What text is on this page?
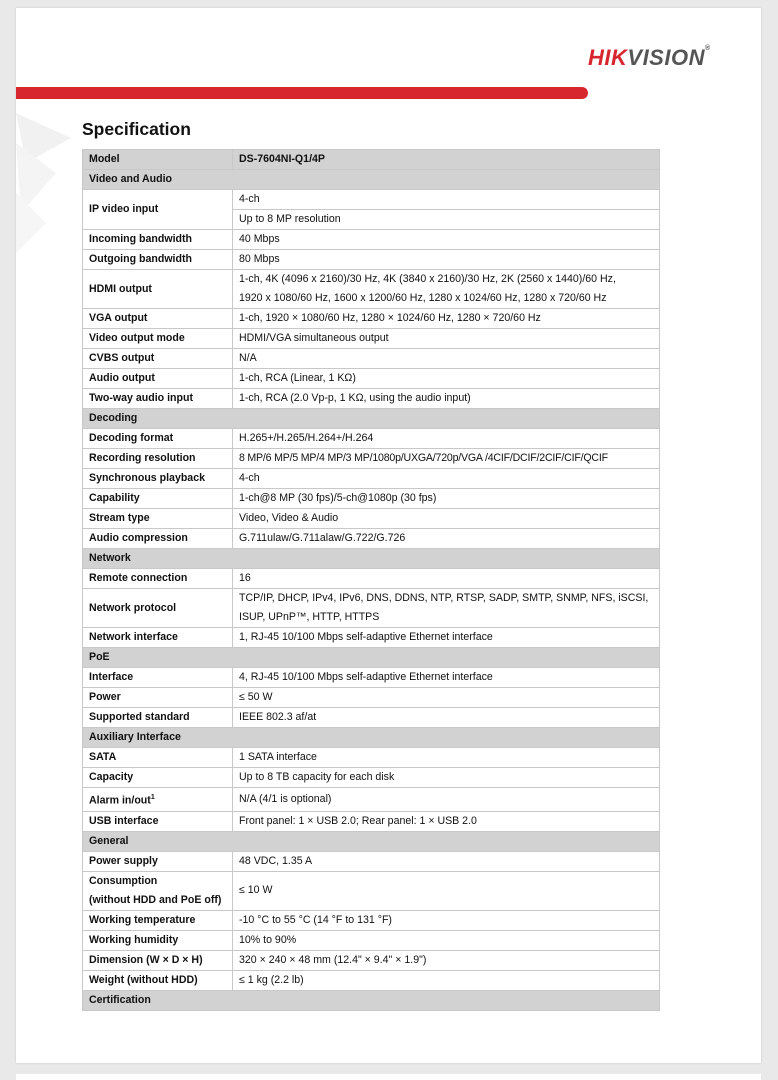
HIKVISION®
Specification
Model	DS-7604NI-Q1/4P
Video and Audio	
IP video input	4-ch
Up to 8 MP resolution

Incoming bandwidth	40 Mbps
Outgoing bandwidth	80 Mbps
HDMI output	1-ch, 4K (4096 x 2160)/30 Hz, 4K (3840 x 2160)/30 Hz, 2K (2560 x 1440)/60 Hz,
1920 x 1080/60 Hz, 1600 x 1200/60 Hz, 1280 x 1024/60 Hz, 1280 x 720/60 Hz

VGA output	1-ch, 1920 × 1080/60 Hz, 1280 × 1024/60 Hz, 1280 × 720/60 Hz
Video output mode	HDMI/VGA simultaneous output
CVBS output	N/A
Audio output	1-ch, RCA (Linear, 1 KΩ)
Two-way audio input	1-ch, RCA (2.0 Vp-p, 1 KΩ, using the audio input)
Decoding	
Decoding format	H.265+/H.265/H.264+/H.264
Recording resolution	8 MP/6 MP/5 MP/4 MP/3 MP/1080p/UXGA/720p/VGA /4CIF/DCIF/2CIF/CIF/QCIF
Synchronous playback	4-ch
Capability	1-ch@8 MP (30 fps)/5-ch@1080p (30 fps)
Stream type	Video, Video & Audio
Audio compression	G.711ulaw/G.711alaw/G.722/G.726
Network	
Remote connection	16
Network protocol	TCP/IP, DHCP, IPv4, IPv6, DNS, DDNS, NTP, RTSP, SADP, SMTP, SNMP, NFS, iSCSI,
ISUP, UPnP™, HTTP, HTTPS

Network interface	1, RJ-45 10/100 Mbps self-adaptive Ethernet interface
PoE	
Interface	4, RJ-45 10/100 Mbps self-adaptive Ethernet interface
Power	≤ 50 W
Supported standard	IEEE 802.3 af/at
Auxiliary Interface	
SATA	1 SATA interface
Capacity	Up to 8 TB capacity for each disk
Alarm in/out$^1$	N/A (4/1 is optional)
USB interface	Front panel: 1 × USB 2.0; Rear panel: 1 × USB 2.0
General	
Power supply	48 VDC, 1.35 A

Consumption
(without HDD and PoE off)	≤ 10 W
Working temperature	-10 °C to 55 °C (14 °F to 131 °F)
Working humidity	10% to 90%
Dimension (W × D × H)	320 × 240 × 48 mm (12.4" × 9.4" × 1.9")
Weight (without HDD)	≤ 1 kg (2.2 lb)
Certification	
